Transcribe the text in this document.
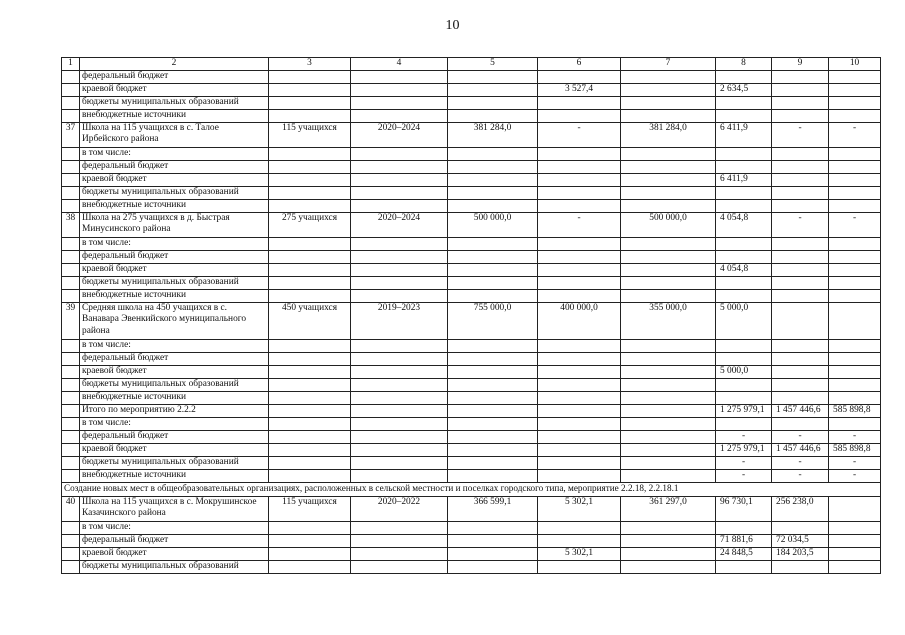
10
1	2	3	4	5	6	7	8	9	10
	федеральный бюджет								
	краевой бюджет				3 527,4		2 634,5		
	бюджеты муниципальных образований								
	внебюджетные источники								
37	Школа на 115 учащихся в с. Талое Ирбейского района	115 учащихся	2020–2024	381 284,0	-	381 284,0	6 411,9	-	-
	в том числе:								
	федеральный бюджет								
	краевой бюджет						6 411,9		
	бюджеты муниципальных образований								
	внебюджетные источники								
38	Школа на 275 учащихся в д. Быстрая Минусинского района	275 учащихся	2020–2024	500 000,0	-	500 000,0	4 054,8	-	-
	в том числе:								
	федеральный бюджет								
	краевой бюджет						4 054,8		
	бюджеты муниципальных образований								
	внебюджетные источники								
39	Средняя школа на 450 учащихся в с. Ванавара Эвенкийского муниципального района	450 учащихся	2019–2023	755 000,0	400 000,0	355 000,0	5 000,0		
	в том числе:								
	федеральный бюджет								
	краевой бюджет						5 000,0		
	бюджеты муниципальных образований								
	внебюджетные источники								
	Итого по мероприятию 2.2.2						1 275 979,1	1 457 446,6	585 898,8
	в том числе:								
	федеральный бюджет						-	-	-
	краевой бюджет						1 275 979,1	1 457 446,6	585 898,8
	бюджеты муниципальных образований						-	-	-
	внебюджетные источники						-	-	-
Создание новых мест в общеобразовательных организациях, расположенных в сельской местности и поселках городского типа, мероприятие 2.2.18, 2.2.18.1									
40	Школа на 115 учащихся в с. Мокрушинское Казачинского района	115 учащихся	2020–2022	366 599,1	5 302,1	361 297,0	96 730,1	256 238,0	
	в том числе:								
	федеральный бюджет						71 881,6	72 034,5	
	краевой бюджет				5 302,1		24 848,5	184 203,5	
	бюджеты муниципальных образований								
